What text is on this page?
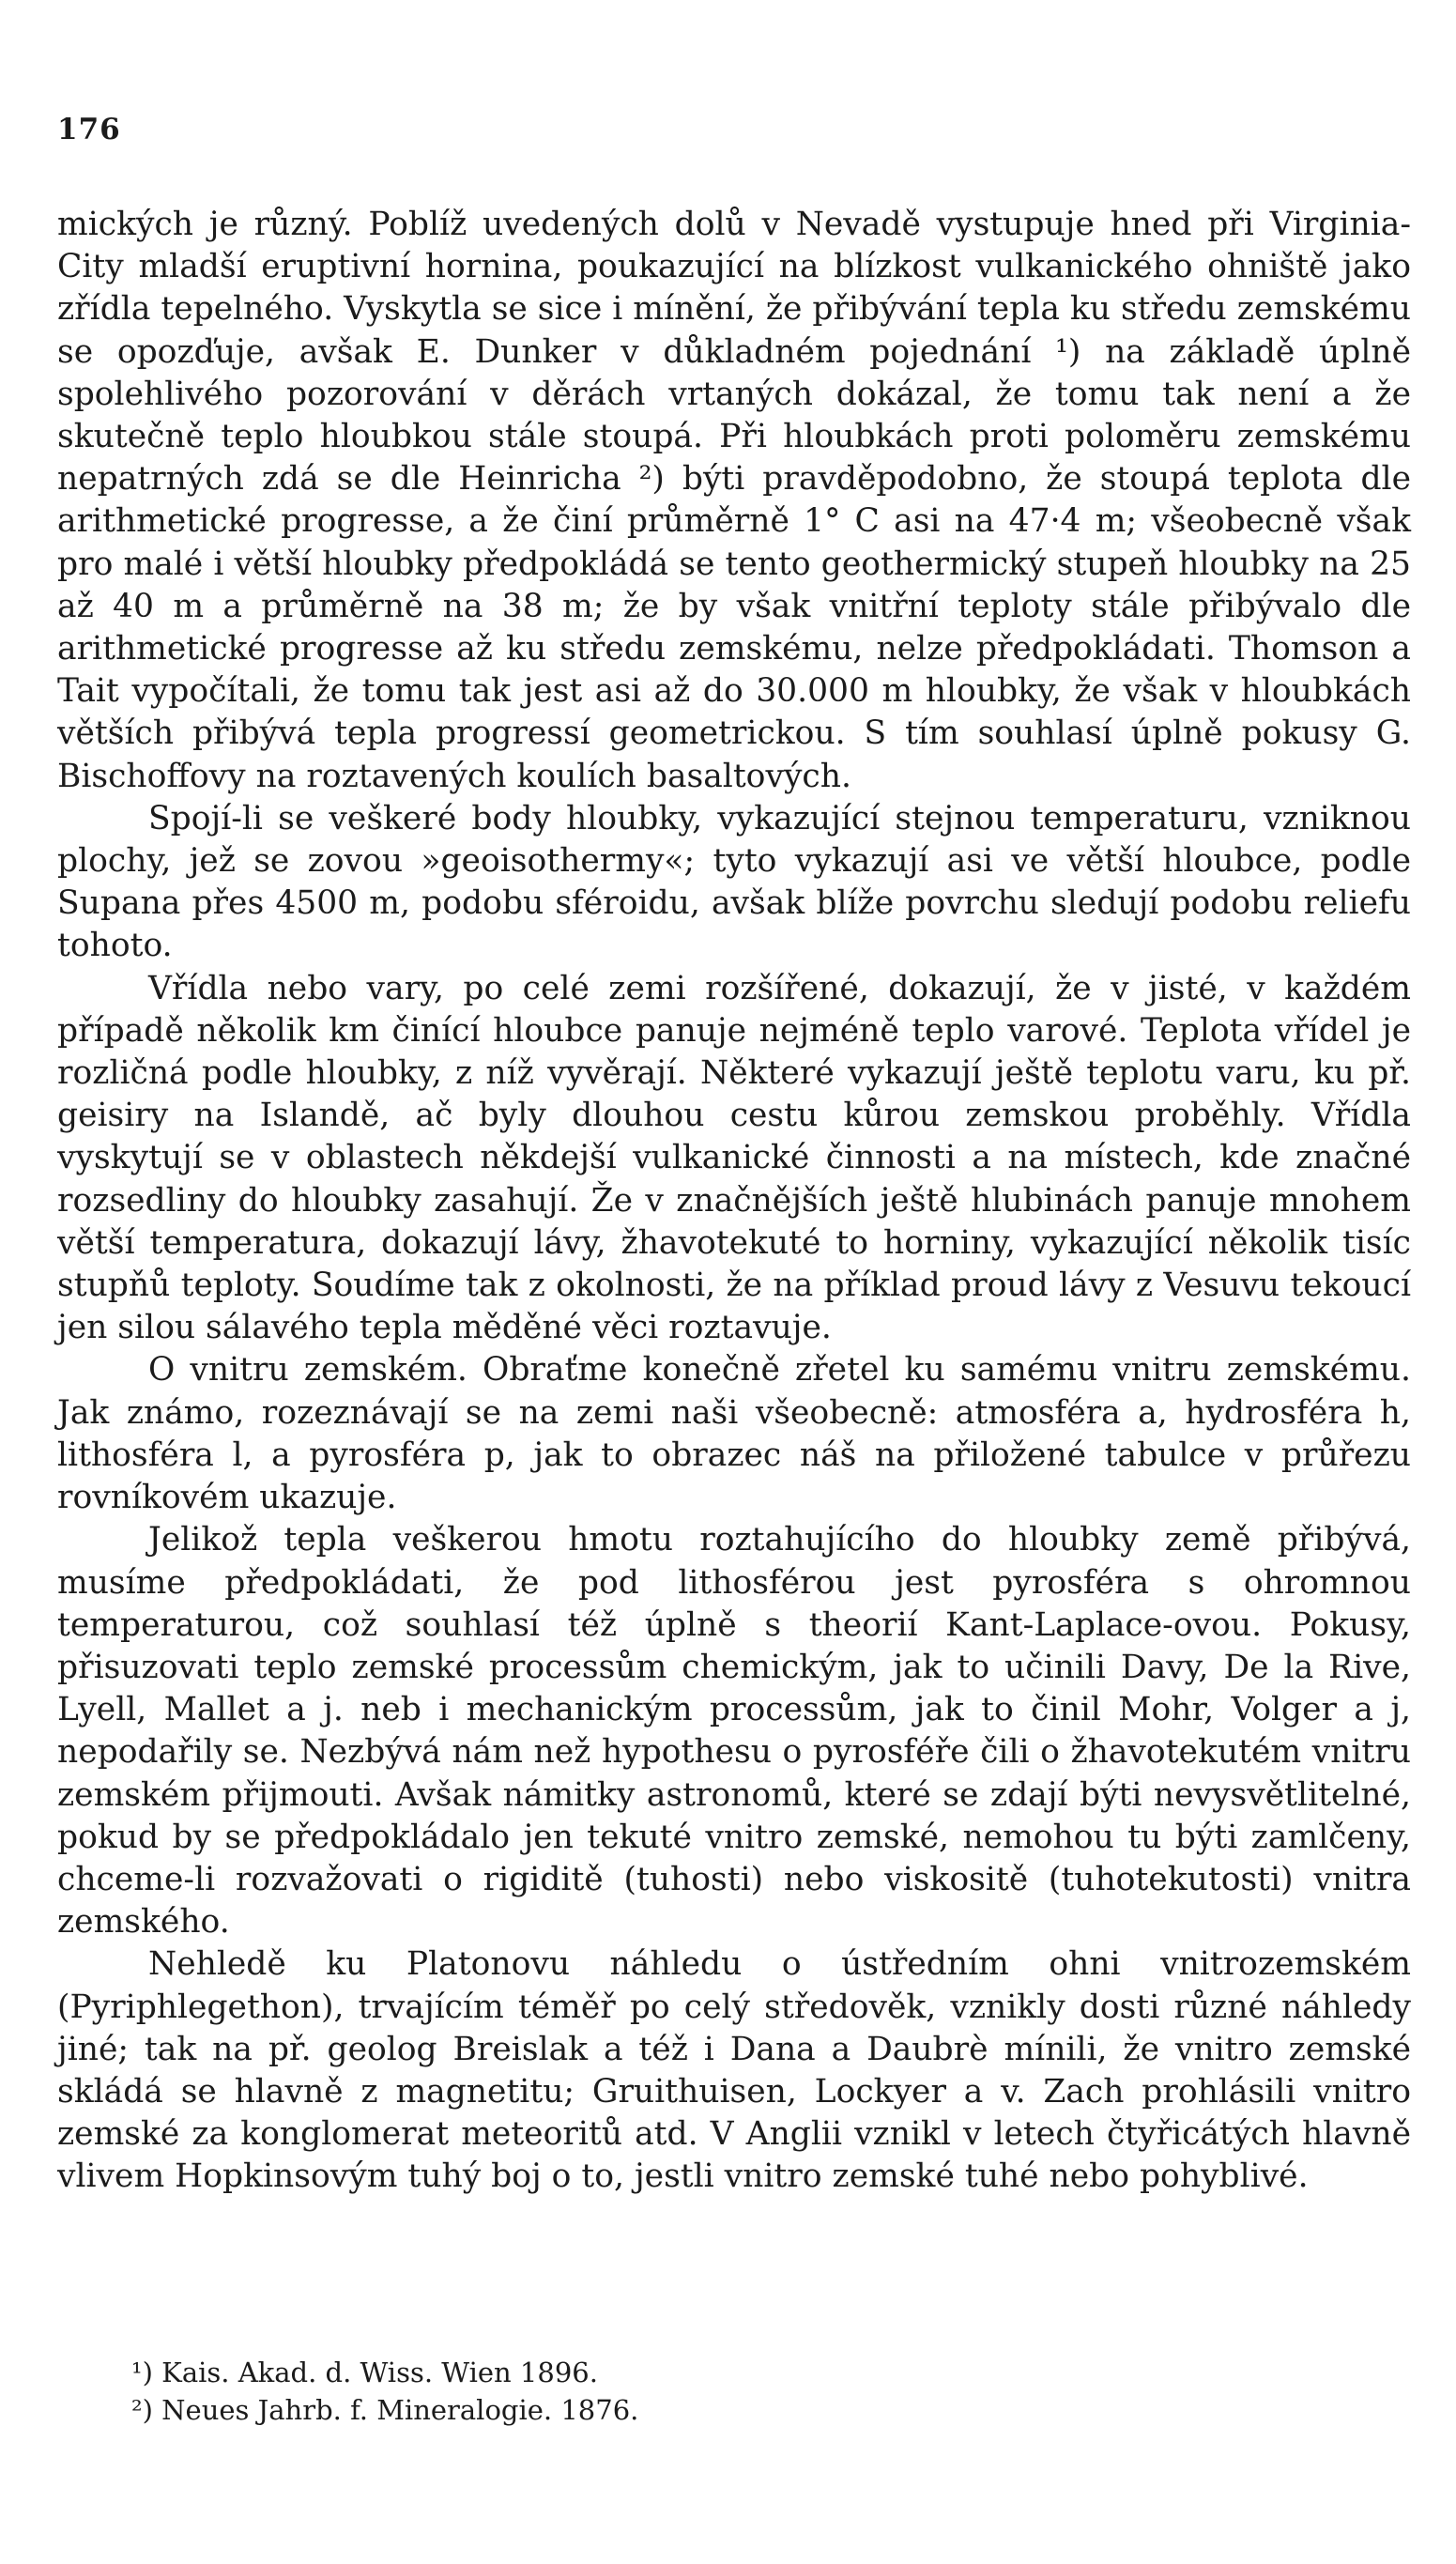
176

mických je různý. Poblíž uvedených dolů v Nevadě vystupuje hned při Virginia-City mladší eruptivní hornina, poukazující na blízkost vulkanického ohniště jako zřídla tepelného. Vyskytla se sice i mínění, že přibývání tepla ku středu zemskému se opozďuje, avšak E. Dunker v důkladném pojednání ¹) na základě úplně spolehlivého pozorování v děrách vrtaných dokázal, že tomu tak není a že skutečně teplo hloubkou stále stoupá. Při hloubkách proti poloměru zemskému nepatrných zdá se dle Heinricha ²) býti pravděpodobno, že stoupá teplota dle arithmetické progresse, a že činí průměrně 1° C asi na 47·4 m; všeobecně však pro malé i větší hloubky předpokládá se tento geothermický stupeň hloubky na 25 až 40 m a průměrně na 38 m; že by však vnitřní teploty stále přibývalo dle arithmetické progresse až ku středu zemskému, nelze předpokládati. Thomson a Tait vypočítali, že tomu tak jest asi až do 30.000 m hloubky, že však v hloubkách větších přibývá tepla progressí geometrickou. S tím souhlasí úplně pokusy G. Bischoffovy na roztavených koulích basaltových.

Spojí-li se veškeré body hloubky, vykazující stejnou temperaturu, vzniknou plochy, jež se zovou »geoisothermy«; tyto vykazují asi ve větší hloubce, podle Supana přes 4500 m, podobu sféroidu, avšak blíže povrchu sledují podobu reliefu tohoto.

Vřídla nebo vary, po celé zemi rozšířené, dokazují, že v jisté, v každém případě několik km činící hloubce panuje nejméně teplo varové. Teplota vřídel je rozličná podle hloubky, z níž vyvěrají. Některé vykazují ještě teplotu varu, ku př. geisiry na Islandě, ač byly dlouhou cestu kůrou zemskou proběhly. Vřídla vyskytují se v oblastech někdejší vulkanické činnosti a na místech, kde značné rozsedliny do hloubky zasahují. Že v značnějších ještě hlubinách panuje mnohem větší temperatura, dokazují lávy, žhavotekuté to horniny, vykazující několik tisíc stupňů teploty. Soudíme tak z okolnosti, že na příklad proud lávy z Vesuvu tekoucí jen silou sálavého tepla měděné věci roztavuje.

O vnitru zemském. Obraťme konečně zřetel ku samému vnitru zemskému. Jak známo, rozeznávají se na zemi naši všeobecně: atmosféra a, hydrosféra h, lithosféra l, a pyrosféra p, jak to obrazec náš na přiložené tabulce v průřezu rovníkovém ukazuje.

Jelikož tepla veškerou hmotu roztahujícího do hloubky země přibývá, musíme předpokládati, že pod lithosférou jest pyrosféra s ohromnou temperaturou, což souhlasí též úplně s theorií Kant-Laplace-ovou. Pokusy, přisuzovati teplo zemské processům chemickým, jak to učinili Davy, De la Rive, Lyell, Mallet a j. neb i mechanickým processům, jak to činil Mohr, Volger a j, nepodařily se. Nezbývá nám než hypothesu o pyrosféře čili o žhavotekutém vnitru zemském přijmouti. Avšak námitky astronomů, které se zdají býti nevysvětlitelné, pokud by se předpokládalo jen tekuté vnitro zemské, nemohou tu býti zamlčeny, chceme-li rozvažovati o rigiditě (tuhosti) nebo viskositě (tuhotekutosti) vnitra zemského.

Nehledě ku Platonovu náhledu o ústředním ohni vnitrozemském (Pyriphlegethon), trvajícím téměř po celý středověk, vznikly dosti různé náhledy jiné; tak na př. geolog Breislak a též i Dana a Daubrè mínili, že vnitro zemské skládá se hlavně z magnetitu; Gruithuisen, Lockyer a v. Zach prohlásili vnitro zemské za konglomerat meteoritů atd. V Anglii vznikl v letech čtyřicátých hlavně vlivem Hopkinsovým tuhý boj o to, jestli vnitro zemské tuhé nebo pohyblivé.

¹) Kais. Akad. d. Wiss. Wien 1896.
²) Neues Jahrb. f. Mineralogie. 1876.
